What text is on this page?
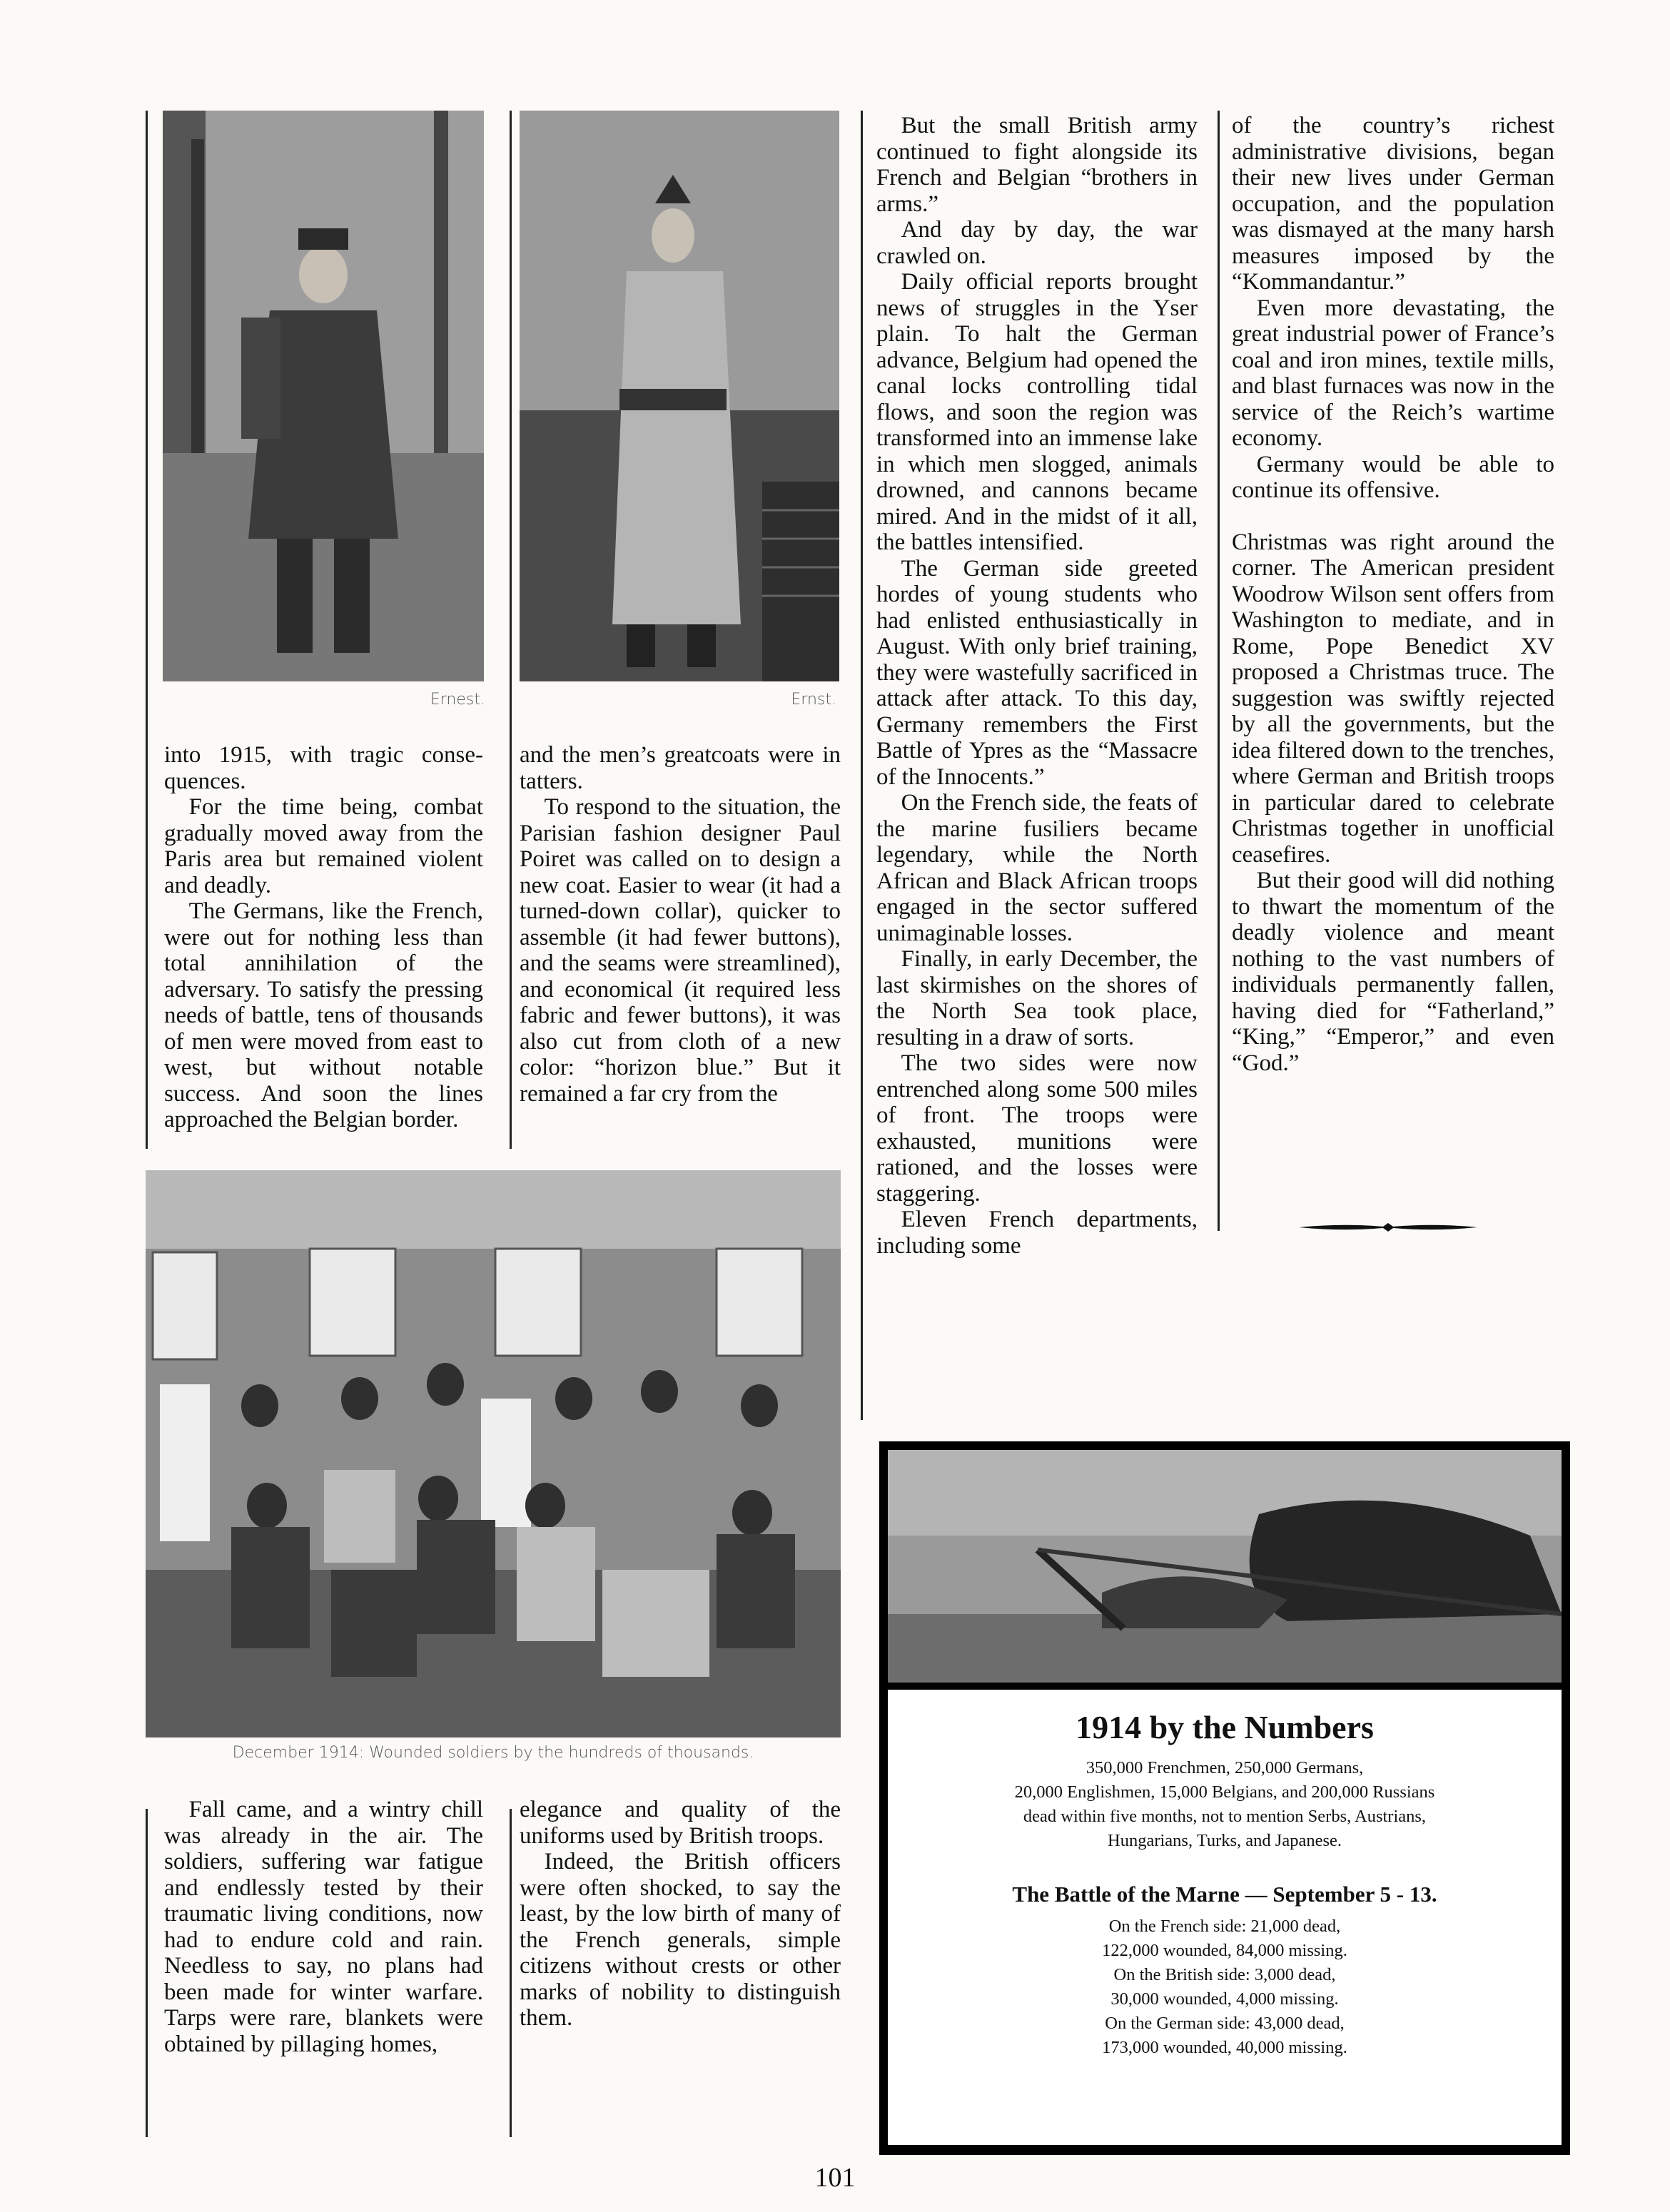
Ernest.	Ernst.

into 1915, with tragic consequences.

For the time being, combat gradually moved away from the Paris area but remained violent and deadly.

The Germans, like the French, were out for nothing less than total annihilation of the adversary. To satisfy the pressing needs of battle, tens of thousands of men were moved from east to west, but without notable success. And soon the lines approached the Belgian border.

and the men’s greatcoats were in tatters.

To respond to the situation, the Parisian fashion designer Paul Poiret was called on to design a new coat. Easier to wear (it had a turned-down collar), quicker to assemble (it had fewer buttons), and the seams were streamlined), and economical (it required less fabric and fewer buttons), it was also cut from cloth of a new color: “horizon blue.” But it remained a far cry from the

December 1914: Wounded soldiers by the hundreds of thousands.

Fall came, and a wintry chill was already in the air. The soldiers, suffering war fatigue and endlessly tested by their traumatic living conditions, now had to endure cold and rain. Needless to say, no plans had been made for winter warfare. Tarps were rare, blankets were obtained by pillaging homes,

elegance and quality of the uniforms used by British troops.

Indeed, the British officers were often shocked, to say the least, by the low birth of many of the French generals, simple citizens without crests or other marks of nobility to distinguish them.

But the small British army continued to fight alongside its French and Belgian “brothers in arms.”

And day by day, the war crawled on.

Daily official reports brought news of struggles in the Yser plain. To halt the German advance, Belgium had opened the canal locks controlling tidal flows, and soon the region was transformed into an immense lake in which men slogged, animals drowned, and cannons became mired. And in the midst of it all, the battles intensified.

The German side greeted hordes of young students who had enlisted enthusiastically in August. With only brief training, they were wastefully sacrificed in attack after attack. To this day, Germany remembers the First Battle of Ypres as the “Massacre of the Innocents.”

On the French side, the feats of the marine fusiliers became legendary, while the North African and Black African troops engaged in the sector suffered unimaginable losses.

Finally, in early December, the last skirmishes on the shores of the North Sea took place, resulting in a draw of sorts.

The two sides were now entrenched along some 500 miles of front. The troops were exhausted, munitions were rationed, and the losses were staggering.

Eleven French departments, including some

of the country’s richest administrative divisions, began their new lives under German occupation, and the population was dismayed at the many harsh measures imposed by the “Kommandantur.”

Even more devastating, the great industrial power of France’s coal and iron mines, textile mills, and blast furnaces was now in the service of the Reich’s wartime economy.

Germany would be able to continue its offensive.

Christmas was right around the corner. The American president Woodrow Wilson sent offers from Washington to mediate, and in Rome, Pope Benedict XV proposed a Christmas truce. The suggestion was swiftly rejected by all the governments, but the idea filtered down to the trenches, where German and British troops in particular dared to celebrate Christmas together in unofficial ceasefires.

But their good will did nothing to thwart the momentum of the deadly violence and meant nothing to the vast numbers of individuals permanently fallen, having died for “Fatherland,” “King,” “Emperor,” and even “God.”

1914 by the Numbers
350,000 Frenchmen, 250,000 Germans,
20,000 Englishmen, 15,000 Belgians, and 200,000 Russians
dead within five months, not to mention Serbs, Austrians,
Hungarians, Turks, and Japanese.
The Battle of the Marne — September 5 - 13.
On the French side: 21,000 dead,
122,000 wounded, 84,000 missing.
On the British side: 3,000 dead,
30,000 wounded, 4,000 missing.
On the German side: 43,000 dead,
173,000 wounded, 40,000 missing.
101
